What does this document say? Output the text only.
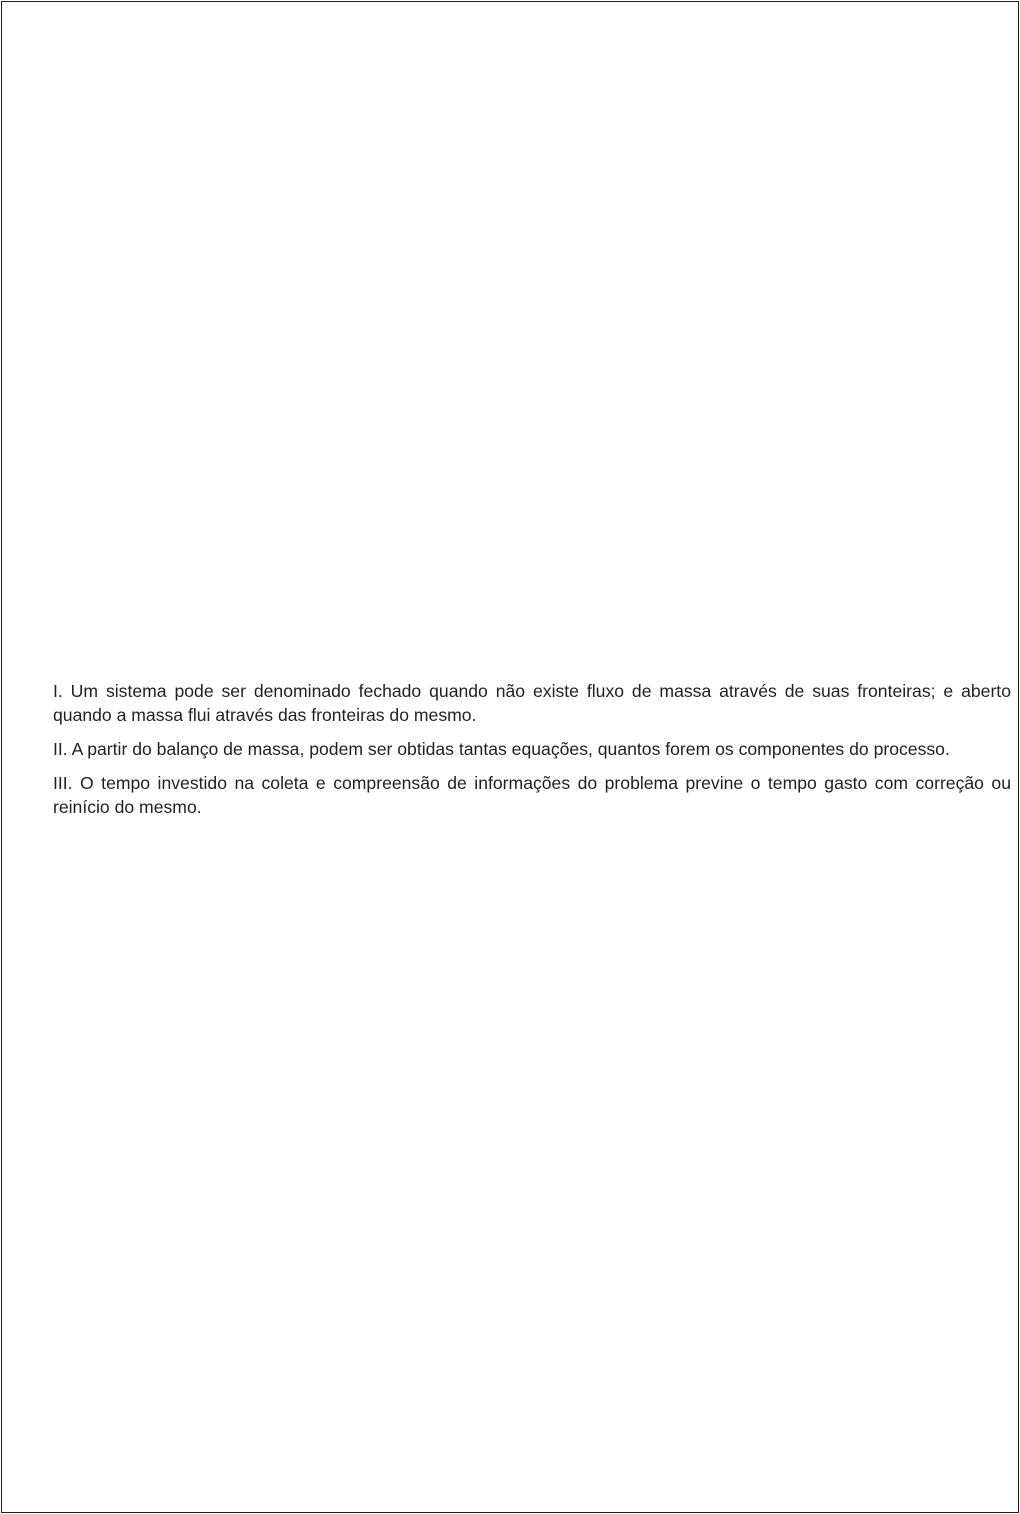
I. Um sistema pode ser denominado fechado quando não existe fluxo de massa através de suas fronteiras; e aberto quando a massa flui através das fronteiras do mesmo.

II. A partir do balanço de massa, podem ser obtidas tantas equações, quantos forem os componentes do processo.

III. O tempo investido na coleta e compreensão de informações do problema previne o tempo gasto com correção ou reinício do mesmo.
